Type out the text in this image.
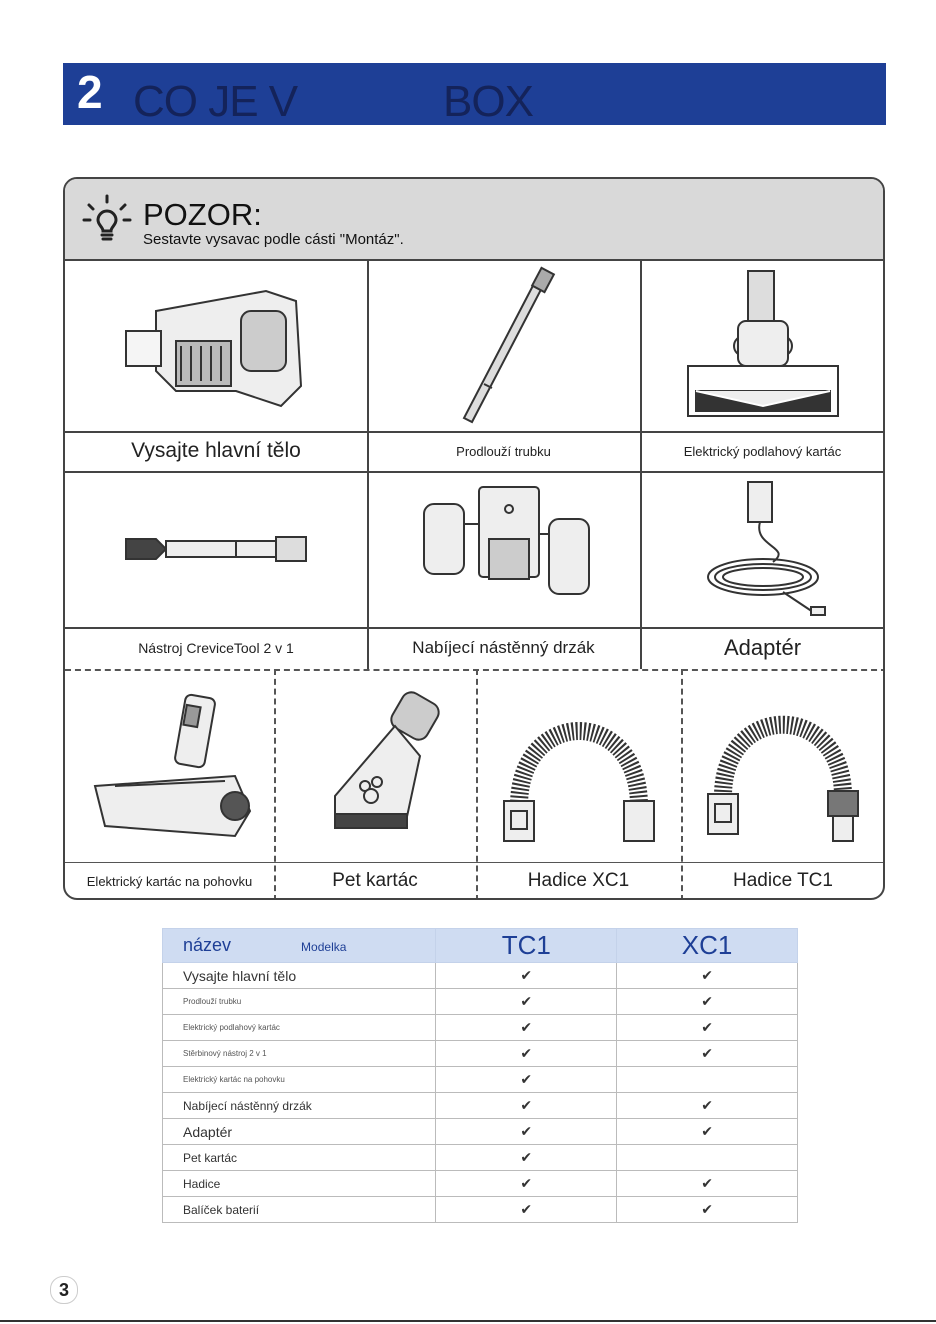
2 CO JE V	BOX
POZOR:
Sestavte vysavac podle cásti "Montáz".
Vysajte hlavní tělo	Prodlouží trubku	Elektrický podlahový kartác
Nástroj CreviceTool 2 v 1	Nabíjecí nástěnný drzák	Adaptér
Elektrický kartác na pohovku	Pet kartác	Hadice XC1	Hadice TC1
název Modelka	TC1	XC1
Vysajte hlavní tělo	✔	✔
Prodlouží trubku	✔	✔
Elektrický podlahový kartác	✔	✔
Stěrbinový nástroj 2 v 1	✔	✔
Elektrický kartác na pohovku	✔	
Nabíjecí nástěnný drzák	✔	✔
Adaptér	✔	✔
Pet kartác	✔	
Hadice	✔	✔
Balíček baterií	✔	✔
3
